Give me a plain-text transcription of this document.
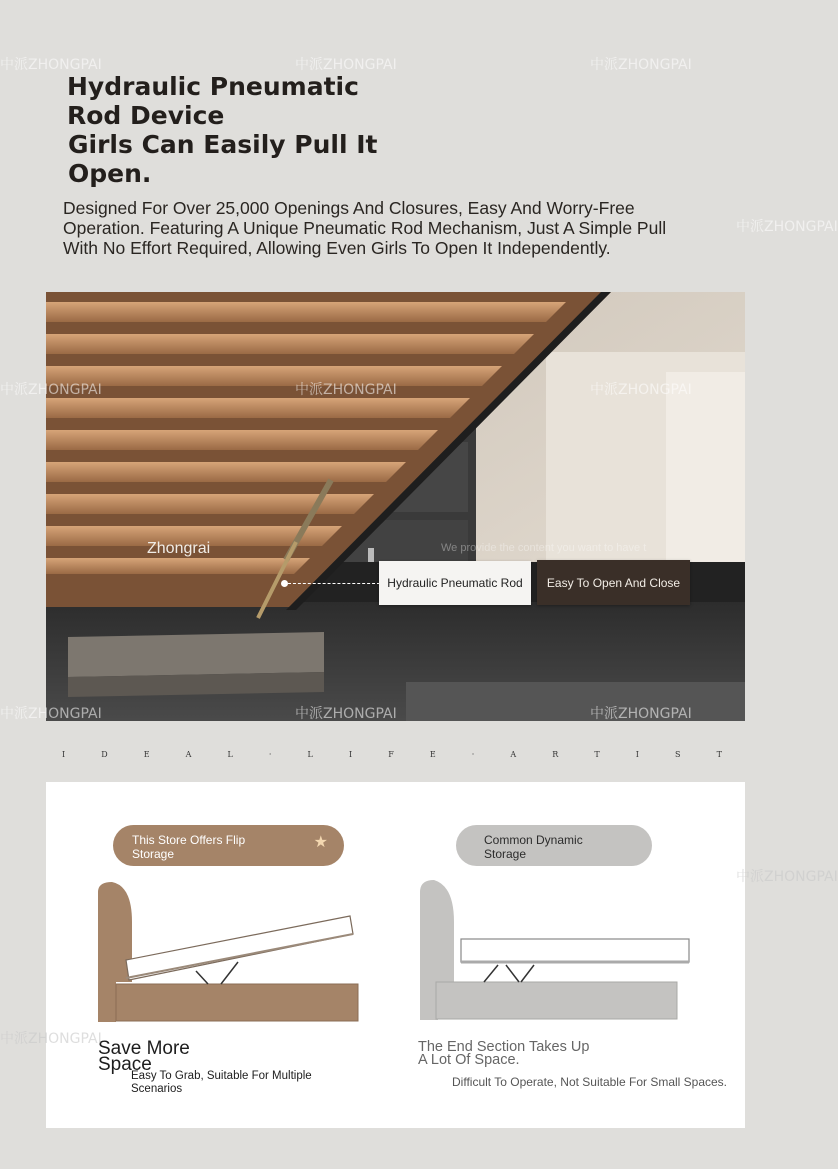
中派ZHONGPAI	中派ZHONGPAI	中派ZHONGPAI
中派ZHONGPAI
中派ZHONGPAI	中派ZHONGPAI	中派ZHONGPAI
中派ZHONGPAI	中派ZHONGPAI	中派ZHONGPAI
中派ZHONGPAI
中派ZHONGPAI
Hydraulic Pneumatic Rod Device
Girls Can Easily Pull It Open.

Designed For Over 25,000 Openings And Closures, Easy And Worry-Free Operation. Featuring A Unique Pneumatic Rod Mechanism, Just A Simple Pull With No Effort Required, Allowing Even Girls To Open It Independently.

Zhongrai	We provide the content you want to have t
Hydraulic Pneumatic Rod	Easy To Open And Close
I	D	E	A	L	·	L	I	F	E	·	A	R	T	I	S	T
This Store Offers Flip Storage
★	Common Dynamic Storage
Save More Space
Easy To Grab, Suitable For Multiple Scenarios
The End Section Takes Up A Lot Of Space.
Difficult To Operate, Not Suitable For Small Spaces.
